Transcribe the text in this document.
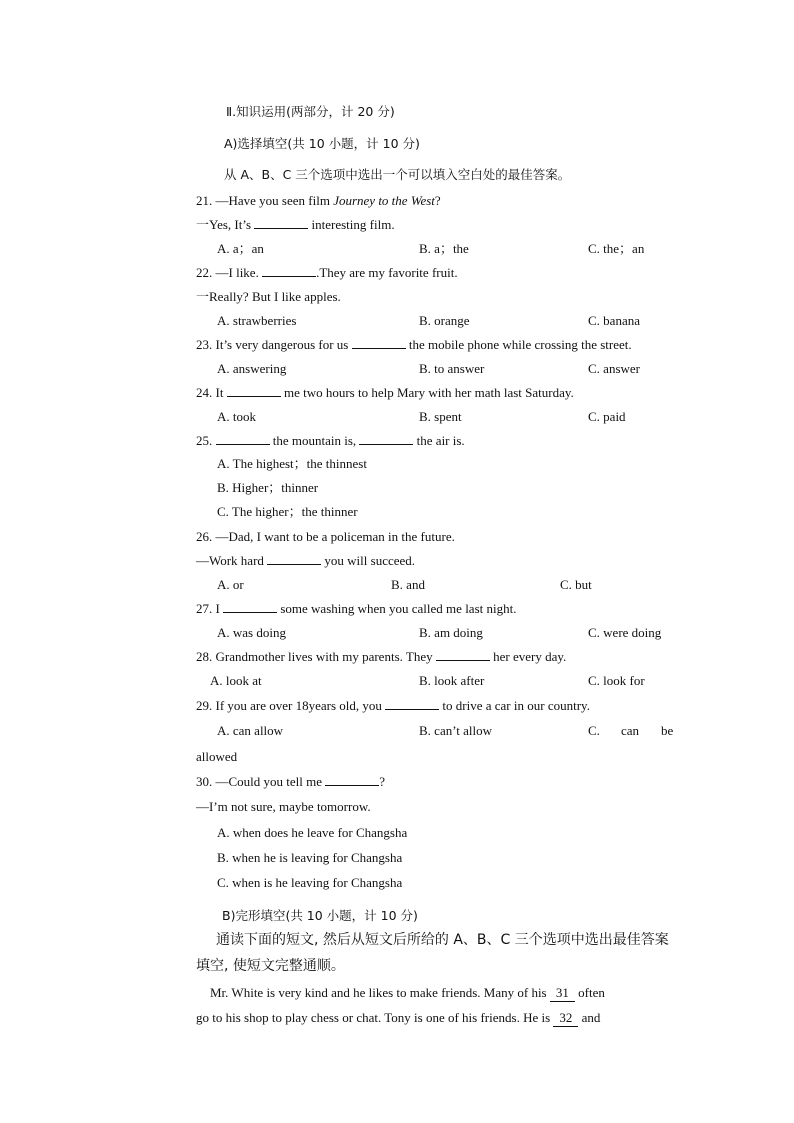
Ⅱ.知识运用(两部分，计 20 分)
A)选择填空(共 10 小题，计 10 分)
从 A、B、C 三个选项中选出一个可以填入空白处的最佳答案。
21. —Have you seen film Journey to the West?
一Yes, It’s	interesting film.
A. a；an	B. a；the	C. the；an
22. —I like.	.They are my favorite fruit.
一Really? But I like apples.
A. strawberries	B. orange	C. banana
23. It’s very dangerous for us	the mobile phone while crossing the street.
A. answering	B. to answer	C. answer
24. It	me two hours to help Mary with her math last Saturday.
A. took	B. spent	C. paid
25.	the mountain is,	the air is.
A. The highest；the thinnest
B. Higher；thinner
C. The higher；the thinner
26. —Dad, I want to be a policeman in the future.
—Work hard	you will succeed.
A. or	B. and	C. but
27. I	some washing when you called me last night.
A. was doing	B. am doing	C. were doing
28. Grandmother lives with my parents. They	her every day.
A. look at	B. look after	C. look for
29. If you are over 18years old, you	to drive a car in our country.
A. can allow	B. can’t allow	C. can be
allowed
30. —Could you tell me	?
—I’m not sure, maybe tomorrow.
A. when does he leave for Changsha
B. when he is leaving for Changsha
C. when is he leaving for Changsha
B)完形填空(共 10 小题，计 10 分)
通读下面的短文, 然后从短文后所给的 A、B、C 三个选项中选出最佳答案
填空, 使短文完整通顺。
Mr. White is very kind and he likes to make friends. Many of his 31 often
go to his shop to play chess or chat. Tony is one of his friends. He is 32 and
